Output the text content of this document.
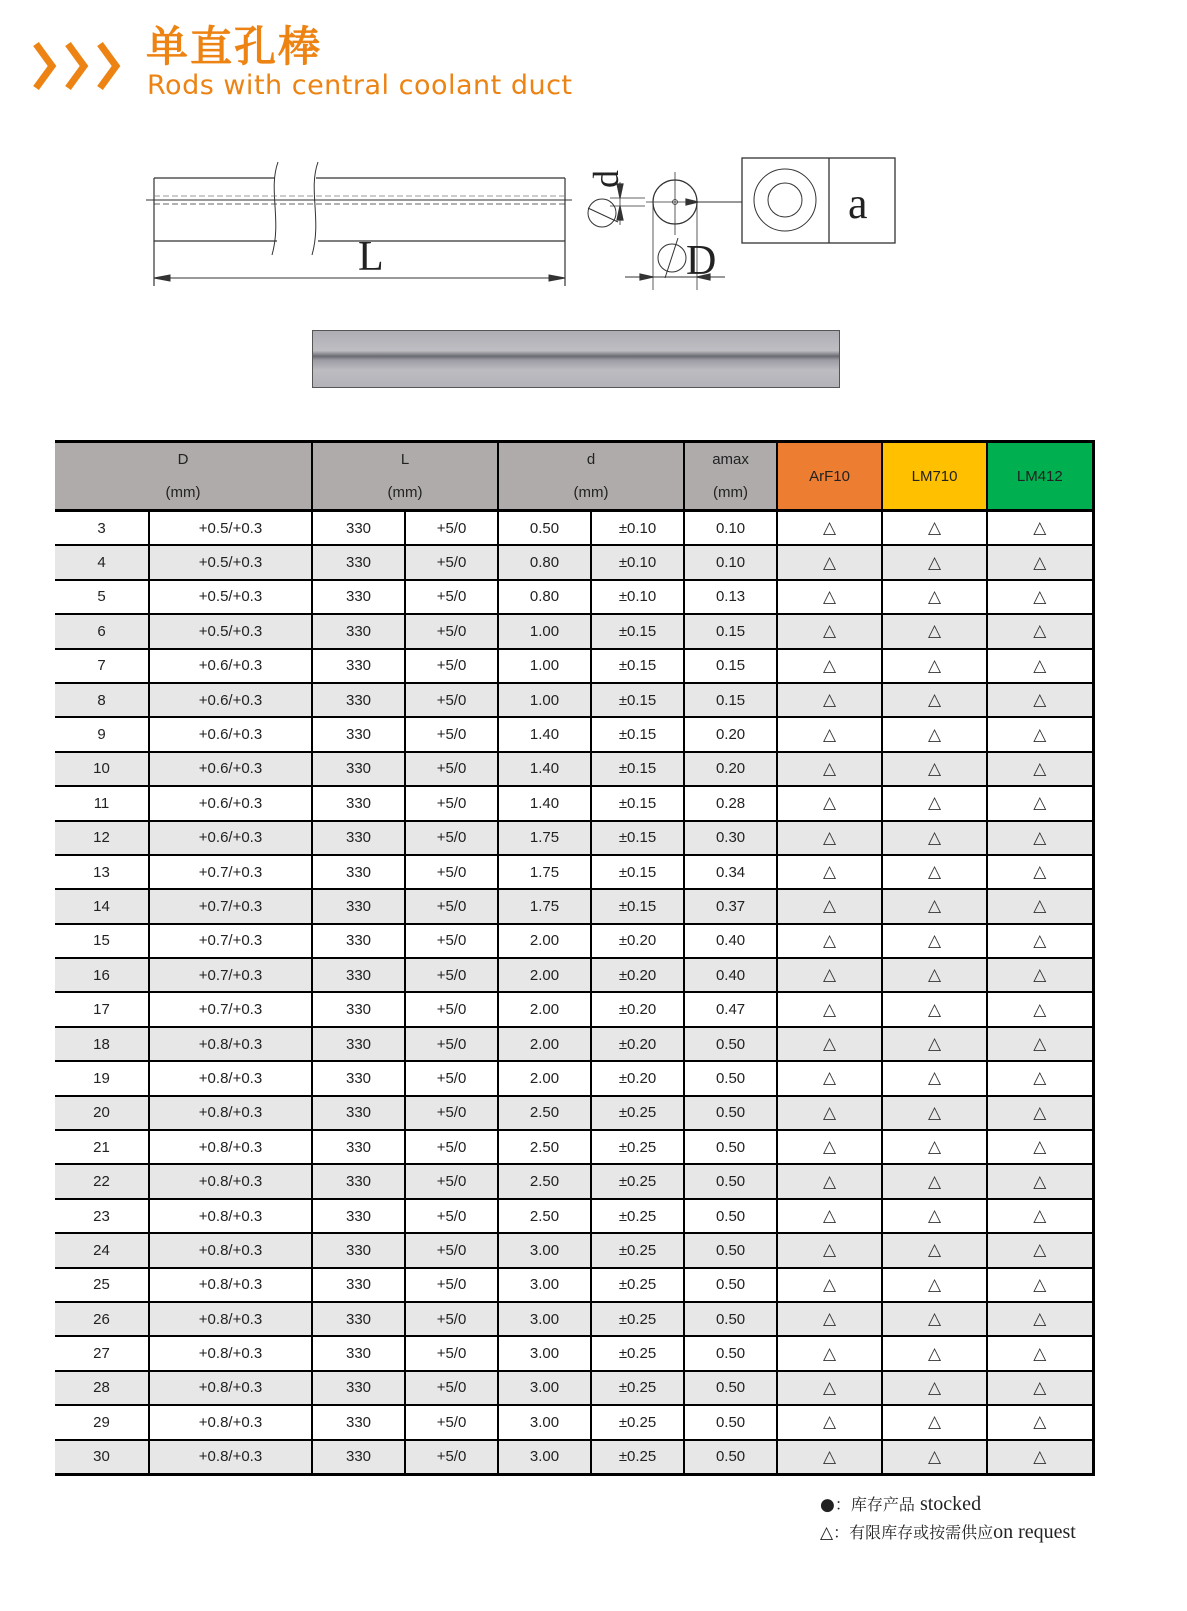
单直孔棒
Rods with central coolant duct
L
d
D
a
D
(mm)		L
(mm)		d
(mm)		amax
(mm)	ArF10	LM710	LM412
3	+0.5/+0.3	330	+5/0	0.50	±0.10	0.10	△	△	△
4	+0.5/+0.3	330	+5/0	0.80	±0.10	0.10	△	△	△
5	+0.5/+0.3	330	+5/0	0.80	±0.10	0.13	△	△	△
6	+0.5/+0.3	330	+5/0	1.00	±0.15	0.15	△	△	△
7	+0.6/+0.3	330	+5/0	1.00	±0.15	0.15	△	△	△
8	+0.6/+0.3	330	+5/0	1.00	±0.15	0.15	△	△	△
9	+0.6/+0.3	330	+5/0	1.40	±0.15	0.20	△	△	△
10	+0.6/+0.3	330	+5/0	1.40	±0.15	0.20	△	△	△
11	+0.6/+0.3	330	+5/0	1.40	±0.15	0.28	△	△	△
12	+0.6/+0.3	330	+5/0	1.75	±0.15	0.30	△	△	△
13	+0.7/+0.3	330	+5/0	1.75	±0.15	0.34	△	△	△
14	+0.7/+0.3	330	+5/0	1.75	±0.15	0.37	△	△	△
15	+0.7/+0.3	330	+5/0	2.00	±0.20	0.40	△	△	△
16	+0.7/+0.3	330	+5/0	2.00	±0.20	0.40	△	△	△
17	+0.7/+0.3	330	+5/0	2.00	±0.20	0.47	△	△	△
18	+0.8/+0.3	330	+5/0	2.00	±0.20	0.50	△	△	△
19	+0.8/+0.3	330	+5/0	2.00	±0.20	0.50	△	△	△
20	+0.8/+0.3	330	+5/0	2.50	±0.25	0.50	△	△	△
21	+0.8/+0.3	330	+5/0	2.50	±0.25	0.50	△	△	△
22	+0.8/+0.3	330	+5/0	2.50	±0.25	0.50	△	△	△
23	+0.8/+0.3	330	+5/0	2.50	±0.25	0.50	△	△	△
24	+0.8/+0.3	330	+5/0	3.00	±0.25	0.50	△	△	△
25	+0.8/+0.3	330	+5/0	3.00	±0.25	0.50	△	△	△
26	+0.8/+0.3	330	+5/0	3.00	±0.25	0.50	△	△	△
27	+0.8/+0.3	330	+5/0	3.00	±0.25	0.50	△	△	△
28	+0.8/+0.3	330	+5/0	3.00	±0.25	0.50	△	△	△
29	+0.8/+0.3	330	+5/0	3.00	±0.25	0.50	△	△	△
30	+0.8/+0.3	330	+5/0	3.00	±0.25	0.50	△	△	△
●：库存产品 stocked
△：有限库存或按需供应on request
